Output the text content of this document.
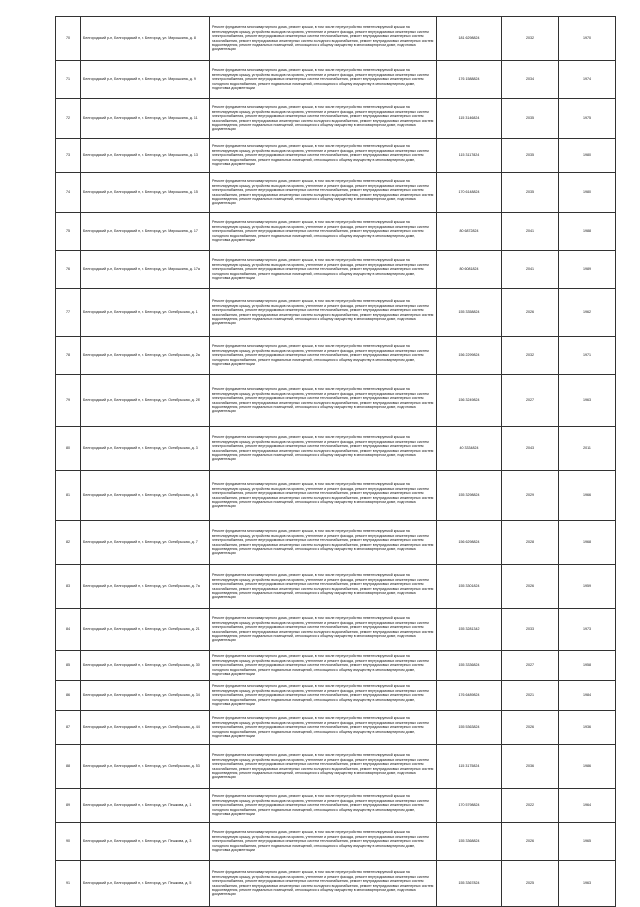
70	Белгородский р-н, Белгородский п, г. Белгород, ул. Мирошкина, д. 8	Ремонт фундамента многоквартирного дома, ремонт крыши, в том числе переустройство невентилируемой крыши на вентилируемую крышу, устройство выходов на кровлю, утепление и ремонт фасада, ремонт внутридомовых инженерных систем электроснабжения, ремонт внутридомовых инженерных систем теплоснабжения, ремонт внутридомовых инженерных систем газоснабжения, ремонт внутридомовых инженерных систем холодного водоснабжения, ремонт внутридомовых инженерных систем водоотведения, ремонт подвальных помещений, относящихся к общему имуществу в многоквартирном доме, подготовка документации	181 6298824	2032	1970
71	Белгородский р-н, Белгородский п, г. Белгород, ул. Мирошкина, д. 9	Ремонт фундамента многоквартирного дома, ремонт крыши, в том числе переустройство невентилируемой крыши на вентилируемую крышу, устройство выходов на кровлю, утепление и ремонт фасада, ремонт внутридомовых инженерных систем электроснабжения, ремонт внутридомовых инженерных систем теплоснабжения, ремонт внутридомовых инженерных систем холодного водоснабжения, ремонт подвальных помещений, относящихся к общему имуществу в многоквартирном доме, подготовка документации	176 1588824	2034	1974
72	Белгородский р-н, Белгородский п, г. Белгород, ул. Мирошкина, д. 11	Ремонт фундамента многоквартирного дома, ремонт крыши, в том числе переустройство невентилируемой крыши на вентилируемую крышу, устройство выходов на кровлю, утепление и ремонт фасада, ремонт внутридомовых инженерных систем электроснабжения, ремонт внутридомовых инженерных систем теплоснабжения, ремонт внутридомовых инженерных систем газоснабжения, ремонт внутридомовых инженерных систем холодного водоснабжения, ремонт внутридомовых инженерных систем водоотведения, ремонт подвальных помещений, относящихся к общему имуществу в многоквартирном доме, подготовка документации	115 3146824	2035	1975
73	Белгородский р-н, Белгородский п, г. Белгород, ул. Мирошкина, д. 13	Ремонт фундамента многоквартирного дома, ремонт крыши, в том числе переустройство невентилируемой крыши на вентилируемую крышу, устройство выходов на кровлю, утепление и ремонт фасада, ремонт внутридомовых инженерных систем электроснабжения, ремонт внутридомовых инженерных систем теплоснабжения, ремонт внутридомовых инженерных систем холодного водоснабжения, ремонт подвальных помещений, относящихся к общему имуществу в многоквартирном доме, подготовка документации	115 3117824	2035	1980
74	Белгородский р-н, Белгородский п, г. Белгород, ул. Мирошкина, д. 15	Ремонт фундамента многоквартирного дома, ремонт крыши, в том числе переустройство невентилируемой крыши на вентилируемую крышу, устройство выходов на кровлю, утепление и ремонт фасада, ремонт внутридомовых инженерных систем электроснабжения, ремонт внутридомовых инженерных систем теплоснабжения, ремонт внутридомовых инженерных систем газоснабжения, ремонт внутридомовых инженерных систем холодного водоснабжения, ремонт внутридомовых инженерных систем водоотведения, ремонт подвальных помещений, относящихся к общему имуществу в многоквартирном доме, подготовка документации	170 6148824	2035	1980
75	Белгородский р-н, Белгородский п, г. Белгород, ул. Мирошкина, д. 17	Ремонт фундамента многоквартирного дома, ремонт крыши, в том числе переустройство невентилируемой крыши на вентилируемую крышу, устройство выходов на кровлю, утепление и ремонт фасада, ремонт внутридомовых инженерных систем электроснабжения, ремонт внутридомовых инженерных систем теплоснабжения, ремонт внутридомовых инженерных систем холодного водоснабжения, ремонт подвальных помещений, относящихся к общему имуществу в многоквартирном доме, подготовка документации	80 6872824	2041	1988
76	Белгородский р-н, Белгородский п, г. Белгород, ул. Мирошкина, д. 17а	Ремонт фундамента многоквартирного дома, ремонт крыши, в том числе переустройство невентилируемой крыши на вентилируемую крышу, устройство выходов на кровлю, утепление и ремонт фасада, ремонт внутридомовых инженерных систем электроснабжения, ремонт внутридомовых инженерных систем теплоснабжения, ремонт внутридомовых инженерных систем холодного водоснабжения, ремонт подвальных помещений, относящихся к общему имуществу в многоквартирном доме, подготовка документации	80 6081824	2041	1989
77	Белгородский р-н, Белгородский п, г. Белгород, ул. Октябрьская, д. 1	Ремонт фундамента многоквартирного дома, ремонт крыши, в том числе переустройство невентилируемой крыши на вентилируемую крышу, устройство выходов на кровлю, утепление и ремонт фасада, ремонт внутридомовых инженерных систем электроснабжения, ремонт внутридомовых инженерных систем теплоснабжения, ремонт внутридомовых инженерных систем газоснабжения, ремонт внутридомовых инженерных систем холодного водоснабжения, ремонт внутридомовых инженерных систем водоотведения, ремонт подвальных помещений, относящихся к общему имуществу в многоквартирном доме, подготовка документации	155 3358824	2026	1962
78	Белгородский р-н, Белгородский п, г. Белгород, ул. Октябрьская, д. 2а	Ремонт фундамента многоквартирного дома, ремонт крыши, в том числе переустройство невентилируемой крыши на вентилируемую крышу, устройство выходов на кровлю, утепление и ремонт фасада, ремонт внутридомовых инженерных систем электроснабжения, ремонт внутридомовых инженерных систем теплоснабжения, ремонт внутридомовых инженерных систем холодного водоснабжения, ремонт подвальных помещений, относящихся к общему имуществу в многоквартирном доме, подготовка документации	156 2299824	2032	1971
79	Белгородский р-н, Белгородский п, г. Белгород, ул. Октябрьская, д. 2б	Ремонт фундамента многоквартирного дома, ремонт крыши, в том числе переустройство невентилируемой крыши на вентилируемую крышу, устройство выходов на кровлю, утепление и ремонт фасада, ремонт внутридомовых инженерных систем электроснабжения, ремонт внутридомовых инженерных систем теплоснабжения, ремонт внутридомовых инженерных систем газоснабжения, ремонт внутридомовых инженерных систем холодного водоснабжения, ремонт внутридомовых инженерных систем водоотведения, ремонт подвальных помещений, относящихся к общему имуществу в многоквартирном доме, подготовка документации	156 3249824	2027	1963
80	Белгородский р-н, Белгородский п, г. Белгород, ул. Октябрьская, д. 3	Ремонт фундамента многоквартирного дома, ремонт крыши, в том числе переустройство невентилируемой крыши на вентилируемую крышу, устройство выходов на кровлю, утепление и ремонт фасада, ремонт внутридомовых инженерных систем электроснабжения, ремонт внутридомовых инженерных систем теплоснабжения, ремонт внутридомовых инженерных систем газоснабжения, ремонт внутридомовых инженерных систем холодного водоснабжения, ремонт внутридомовых инженерных систем водоотведения, ремонт подвальных помещений, относящихся к общему имуществу в многоквартирном доме, подготовка документации	40 3334824	2043	2011
81	Белгородский р-н, Белгородский п, г. Белгород, ул. Октябрьская, д. 5	Ремонт фундамента многоквартирного дома, ремонт крыши, в том числе переустройство невентилируемой крыши на вентилируемую крышу, устройство выходов на кровлю, утепление и ремонт фасада, ремонт внутридомовых инженерных систем электроснабжения, ремонт внутридомовых инженерных систем теплоснабжения, ремонт внутридомовых инженерных систем газоснабжения, ремонт внутридомовых инженерных систем холодного водоснабжения, ремонт внутридомовых инженерных систем водоотведения, ремонт подвальных помещений, относящихся к общему имуществу в многоквартирном доме, подготовка документации	155 3298824	2029	1966
82	Белгородский р-н, Белгородский п, г. Белгород, ул. Октябрьская, д. 7	Ремонт фундамента многоквартирного дома, ремонт крыши, в том числе переустройство невентилируемой крыши на вентилируемую крышу, устройство выходов на кровлю, утепление и ремонт фасада, ремонт внутридомовых инженерных систем электроснабжения, ремонт внутридомовых инженерных систем теплоснабжения, ремонт внутридомовых инженерных систем газоснабжения, ремонт внутридомовых инженерных систем холодного водоснабжения, ремонт внутридомовых инженерных систем водоотведения, ремонт подвальных помещений, относящихся к общему имуществу в многоквартирном доме, подготовка документации	156 6298824	2028	1968
83	Белгородский р-н, Белгородский п, г. Белгород, ул. Октябрьская, д. 7а	Ремонт фундамента многоквартирного дома, ремонт крыши, в том числе переустройство невентилируемой крыши на вентилируемую крышу, устройство выходов на кровлю, утепление и ремонт фасада, ремонт внутридомовых инженерных систем электроснабжения, ремонт внутридомовых инженерных систем теплоснабжения, ремонт внутридомовых инженерных систем газоснабжения, ремонт внутридомовых инженерных систем холодного водоснабжения, ремонт внутридомовых инженерных систем водоотведения, ремонт подвальных помещений, относящихся к общему имуществу в многоквартирном доме, подготовка документации	155 3301824	2026	1959
84	Белгородский р-н, Белгородский п, г. Белгород, ул. Октябрьская, д. 21	Ремонт фундамента многоквартирного дома, ремонт крыши, в том числе переустройство невентилируемой крыши на вентилируемую крышу, устройство выходов на кровлю, утепление и ремонт фасада, ремонт внутридомовых инженерных систем электроснабжения, ремонт внутридомовых инженерных систем теплоснабжения, ремонт внутридомовых инженерных систем газоснабжения, ремонт внутридомовых инженерных систем холодного водоснабжения, ремонт внутридомовых инженерных систем водоотведения, ремонт подвальных помещений, относящихся к общему имуществу в многоквартирном доме, подготовка документации	155 3281342	2033	1973
85	Белгородский р-н, Белгородский п, г. Белгород, ул. Октябрьская, д. 30	Ремонт фундамента многоквартирного дома, ремонт крыши, в том числе переустройство невентилируемой крыши на вентилируемую крышу, устройство выходов на кровлю, утепление и ремонт фасада, ремонт внутридомовых инженерных систем электроснабжения, ремонт внутридомовых инженерных систем теплоснабжения, ремонт внутридомовых инженерных систем холодного водоснабжения, ремонт подвальных помещений, относящихся к общему имуществу в многоквартирном доме, подготовка документации	155 3336824	2027	1958
86	Белгородский р-н, Белгородский п, г. Белгород, ул. Октябрьская, д. 34	Ремонт фундамента многоквартирного дома, ремонт крыши, в том числе переустройство невентилируемой крыши на вентилируемую крышу, устройство выходов на кровлю, утепление и ремонт фасада, ремонт внутридомовых инженерных систем электроснабжения, ремонт внутридомовых инженерных систем теплоснабжения, ремонт внутридомовых инженерных систем холодного водоснабжения, ремонт подвальных помещений, относящихся к общему имуществу в многоквартирном доме, подготовка документации	176 6489824	2021	1984
87	Белгородский р-н, Белгородский п, г. Белгород, ул. Октябрьская, д. 44	Ремонт фундамента многоквартирного дома, ремонт крыши, в том числе переустройство невентилируемой крыши на вентилируемую крышу, устройство выходов на кровлю, утепление и ремонт фасада, ремонт внутридомовых инженерных систем электроснабжения, ремонт внутридомовых инженерных систем теплоснабжения, ремонт внутридомовых инженерных систем холодного водоснабжения, ремонт подвальных помещений, относящихся к общему имуществу в многоквартирном доме, подготовка документации	155 5363824	2026	1936
88	Белгородский р-н, Белгородский п, г. Белгород, ул. Октябрьская, д. 53	Ремонт фундамента многоквартирного дома, ремонт крыши, в том числе переустройство невентилируемой крыши на вентилируемую крышу, устройство выходов на кровлю, утепление и ремонт фасада, ремонт внутридомовых инженерных систем электроснабжения, ремонт внутридомовых инженерных систем теплоснабжения, ремонт внутридомовых инженерных систем газоснабжения, ремонт внутридомовых инженерных систем холодного водоснабжения, ремонт внутридомовых инженерных систем водоотведения, ремонт подвальных помещений, относящихся к общему имуществу в многоквартирном доме, подготовка документации	115 3175824	2036	1986
89	Белгородский р-н, Белгородский п, г. Белгород, ул. Пешкова, д. 1	Ремонт фундамента многоквартирного дома, ремонт крыши, в том числе переустройство невентилируемой крыши на вентилируемую крышу, устройство выходов на кровлю, утепление и ремонт фасада, ремонт внутридомовых инженерных систем электроснабжения, ремонт внутридомовых инженерных систем теплоснабжения, ремонт внутридомовых инженерных систем холодного водоснабжения, ремонт подвальных помещений, относящихся к общему имуществу в многоквартирном доме, подготовка документации	170 5798824	2022	1964
90	Белгородский р-н, Белгородский п, г. Белгород, ул. Пешкова, д. 3	Ремонт фундамента многоквартирного дома, ремонт крыши, в том числе переустройство невентилируемой крыши на вентилируемую крышу, устройство выходов на кровлю, утепление и ремонт фасада, ремонт внутридомовых инженерных систем электроснабжения, ремонт внутридомовых инженерных систем теплоснабжения, ремонт внутридомовых инженерных систем холодного водоснабжения, ремонт подвальных помещений, относящихся к общему имуществу в многоквартирном доме, подготовка документации	155 3368824	2026	1965
91	Белгородский р-н, Белгородский п, г. Белгород, ул. Пешкова, д. 5	Ремонт фундамента многоквартирного дома, ремонт крыши, в том числе переустройство невентилируемой крыши на вентилируемую крышу, устройство выходов на кровлю, утепление и ремонт фасада, ремонт внутридомовых инженерных систем электроснабжения, ремонт внутридомовых инженерных систем теплоснабжения, ремонт внутридомовых инженерных систем газоснабжения, ремонт внутридомовых инженерных систем холодного водоснабжения, ремонт внутридомовых инженерных систем водоотведения, ремонт подвальных помещений, относящихся к общему имуществу в многоквартирном доме, подготовка документации	155 3367824	2025	1963
